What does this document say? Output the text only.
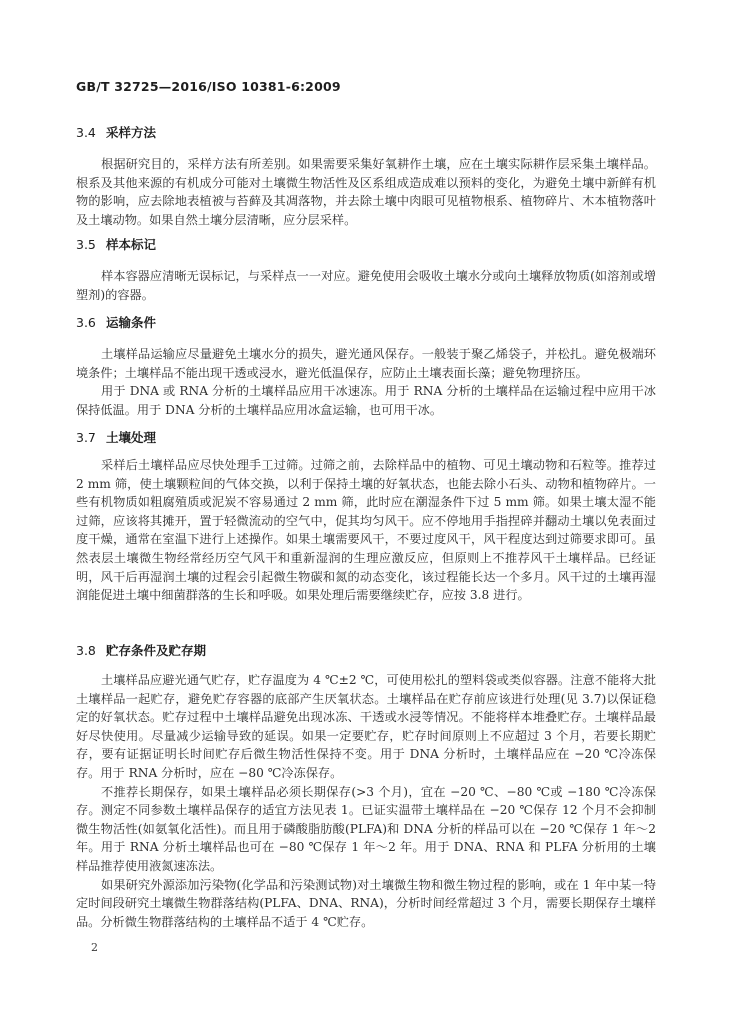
GB/T 32725—2016/ISO 10381-6:2009
3.4 采样方法

根据研究目的，采样方法有所差别。如果需要采集好氧耕作土壤，应在土壤实际耕作层采集土壤样品。根系及其他来源的有机成分可能对土壤微生物活性及区系组成造成难以预料的变化，为避免土壤中新鲜有机物的影响，应去除地表植被与苔藓及其凋落物，并去除土壤中肉眼可见植物根系、植物碎片、木本植物落叶及土壤动物。如果自然土壤分层清晰，应分层采样。

3.5 样本标记

样本容器应清晰无误标记，与采样点一一对应。避免使用会吸收土壤水分或向土壤释放物质(如溶剂或增塑剂)的容器。

3.6 运输条件

土壤样品运输应尽量避免土壤水分的损失，避光通风保存。一般装于聚乙烯袋子，并松扎。避免极端环境条件；土壤样品不能出现干透或浸水，避光低温保存，应防止土壤表面长藻；避免物理挤压。

用于 DNA 或 RNA 分析的土壤样品应用干冰速冻。用于 RNA 分析的土壤样品在运输过程中应用干冰保持低温。用于 DNA 分析的土壤样品应用冰盒运输，也可用干冰。

3.7 土壤处理

采样后土壤样品应尽快处理手工过筛。过筛之前，去除样品中的植物、可见土壤动物和石粒等。推荐过 2 mm 筛，使土壤颗粒间的气体交换，以利于保持土壤的好氧状态，也能去除小石头、动物和植物碎片。一些有机物质如粗腐殖质或泥炭不容易通过 2 mm 筛，此时应在潮湿条件下过 5 mm 筛。如果土壤太湿不能过筛，应该将其摊开，置于轻微流动的空气中，促其均匀风干。应不停地用手指捏碎并翻动土壤以免表面过度干燥，通常在室温下进行上述操作。如果土壤需要风干，不要过度风干，风干程度达到过筛要求即可。虽然表层土壤微生物经常经历空气风干和重新湿润的生理应激反应，但原则上不推荐风干土壤样品。已经证明，风干后再湿润土壤的过程会引起微生物碳和氮的动态变化，该过程能长达一个多月。风干过的土壤再湿润能促进土壤中细菌群落的生长和呼吸。如果处理后需要继续贮存，应按 3.8 进行。

3.8 贮存条件及贮存期

土壤样品应避光通气贮存，贮存温度为 4 ℃±2 ℃，可使用松扎的塑料袋或类似容器。注意不能将大批土壤样品一起贮存，避免贮存容器的底部产生厌氧状态。土壤样品在贮存前应该进行处理(见 3.7)以保证稳定的好氧状态。贮存过程中土壤样品避免出现冰冻、干透或水浸等情况。不能将样本堆叠贮存。土壤样品最好尽快使用。尽量减少运输导致的延误。如果一定要贮存，贮存时间原则上不应超过 3 个月，若要长期贮存，要有证据证明长时间贮存后微生物活性保持不变。用于 DNA 分析时，土壤样品应在 −20 ℃冷冻保存。用于 RNA 分析时，应在 −80 ℃冷冻保存。

不推荐长期保存，如果土壤样品必须长期保存(>3 个月)，宜在 −20 ℃、−80 ℃或 −180 ℃冷冻保存。测定不同参数土壤样品保存的适宜方法见表 1。已证实温带土壤样品在 −20 ℃保存 12 个月不会抑制微生物活性(如氨氧化活性)。而且用于磷酸脂肪酸(PLFA)和 DNA 分析的样品可以在 −20 ℃保存 1 年～2 年。用于 RNA 分析土壤样品也可在 −80 ℃保存 1 年～2 年。用于 DNA、RNA 和 PLFA 分析用的土壤样品推荐使用液氮速冻法。

如果研究外源添加污染物(化学品和污染测试物)对土壤微生物和微生物过程的影响，或在 1 年中某一特定时间段研究土壤微生物群落结构(PLFA、DNA、RNA)，分析时间经常超过 3 个月，需要长期保存土壤样品。分析微生物群落结构的土壤样品不适于 4 ℃贮存。

2
